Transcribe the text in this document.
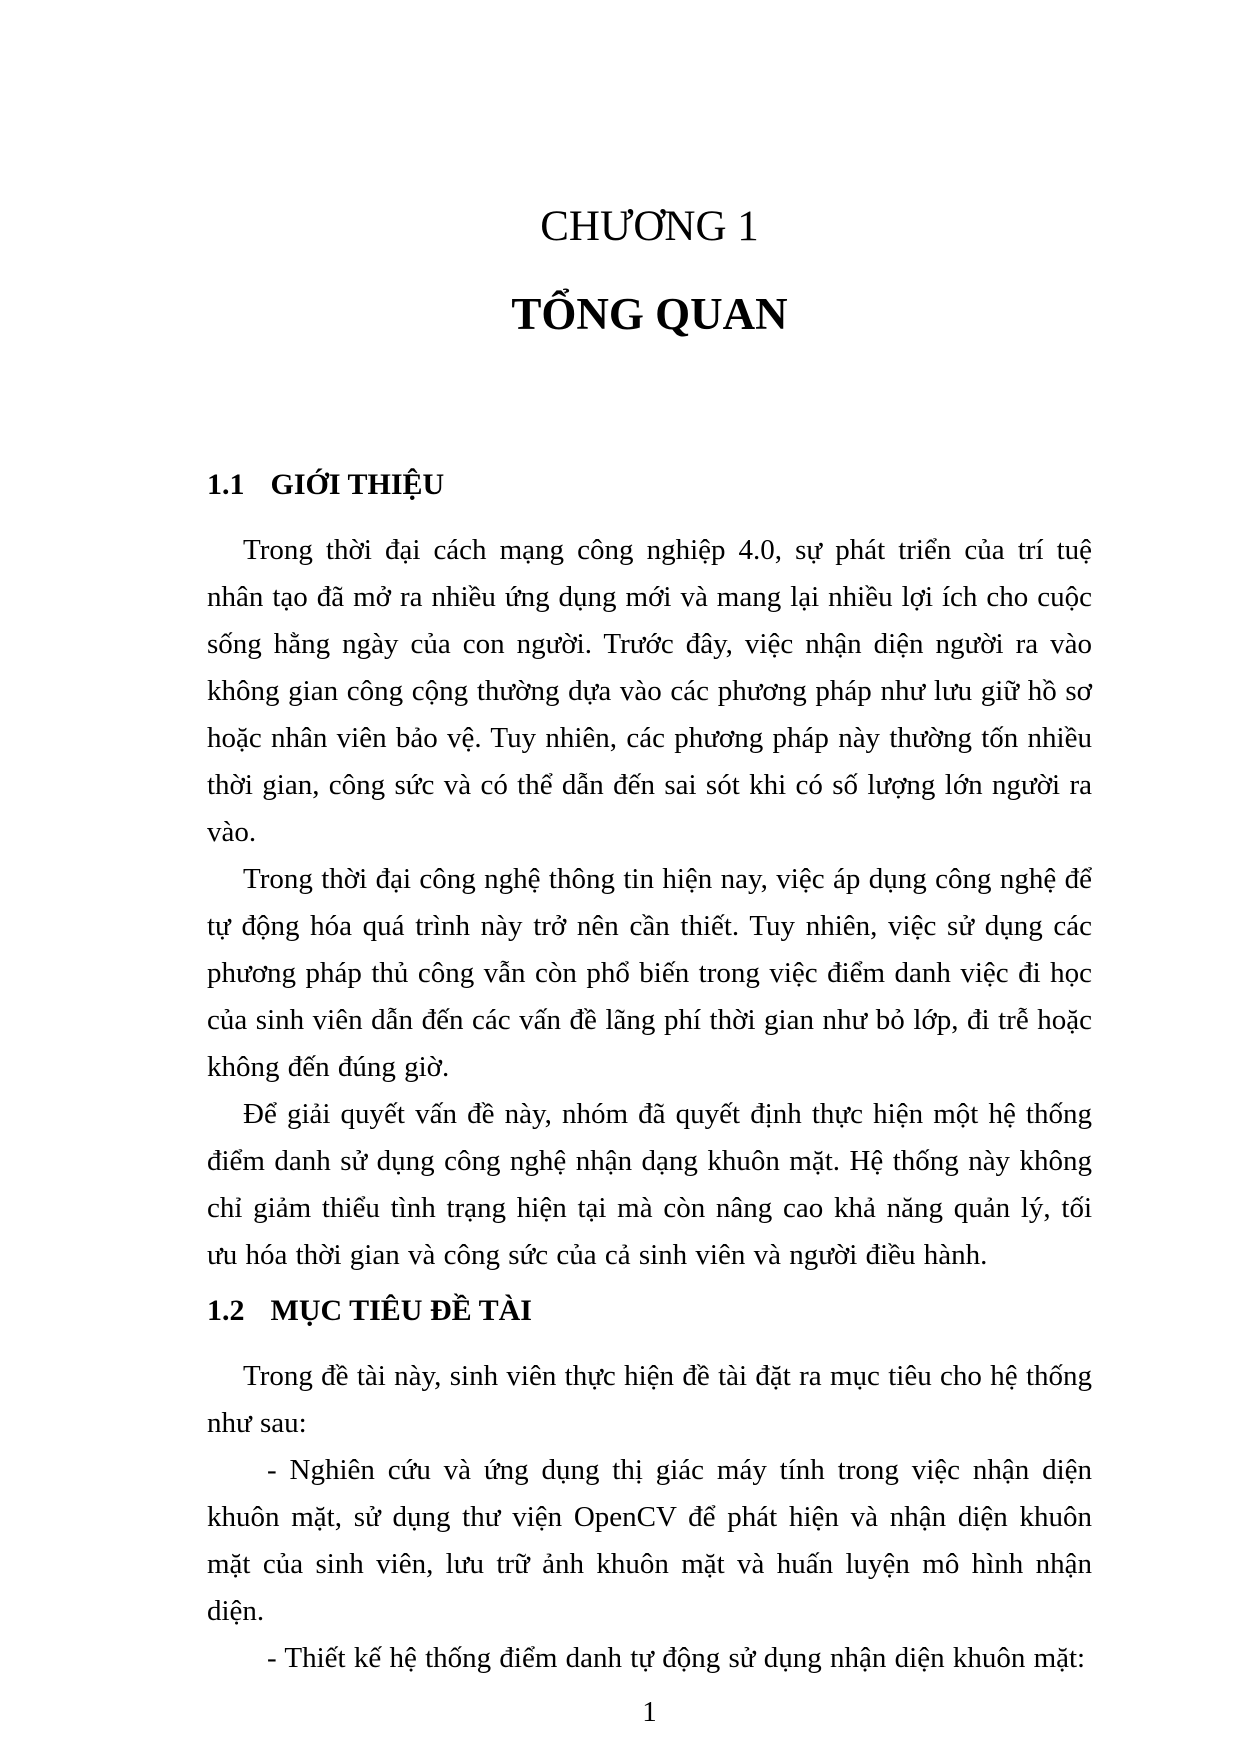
CHƯƠNG 1
TỔNG QUAN
1.1 GIỚI THIỆU

Trong thời đại cách mạng công nghiệp 4.0, sự phát triển của trí tuệ nhân tạo đã mở ra nhiều ứng dụng mới và mang lại nhiều lợi ích cho cuộc sống hằng ngày của con người. Trước đây, việc nhận diện người ra vào không gian công cộng thường dựa vào các phương pháp như lưu giữ hồ sơ hoặc nhân viên bảo vệ. Tuy nhiên, các phương pháp này thường tốn nhiều thời gian, công sức và có thể dẫn đến sai sót khi có số lượng lớn người ra vào.

Trong thời đại công nghệ thông tin hiện nay, việc áp dụng công nghệ để tự động hóa quá trình này trở nên cần thiết. Tuy nhiên, việc sử dụng các phương pháp thủ công vẫn còn phổ biến trong việc điểm danh việc đi học của sinh viên dẫn đến các vấn đề lãng phí thời gian như bỏ lớp, đi trễ hoặc không đến đúng giờ.

Để giải quyết vấn đề này, nhóm đã quyết định thực hiện một hệ thống điểm danh sử dụng công nghệ nhận dạng khuôn mặt. Hệ thống này không chỉ giảm thiểu tình trạng hiện tại mà còn nâng cao khả năng quản lý, tối ưu hóa thời gian và công sức của cả sinh viên và người điều hành.

1.2 MỤC TIÊU ĐỀ TÀI

Trong đề tài này, sinh viên thực hiện đề tài đặt ra mục tiêu cho hệ thống như sau:

- Nghiên cứu và ứng dụng thị giác máy tính trong việc nhận diện khuôn mặt, sử dụng thư viện OpenCV để phát hiện và nhận diện khuôn mặt của sinh viên, lưu trữ ảnh khuôn mặt và huấn luyện mô hình nhận diện.

- Thiết kế hệ thống điểm danh tự động sử dụng nhận diện khuôn mặt:

1
